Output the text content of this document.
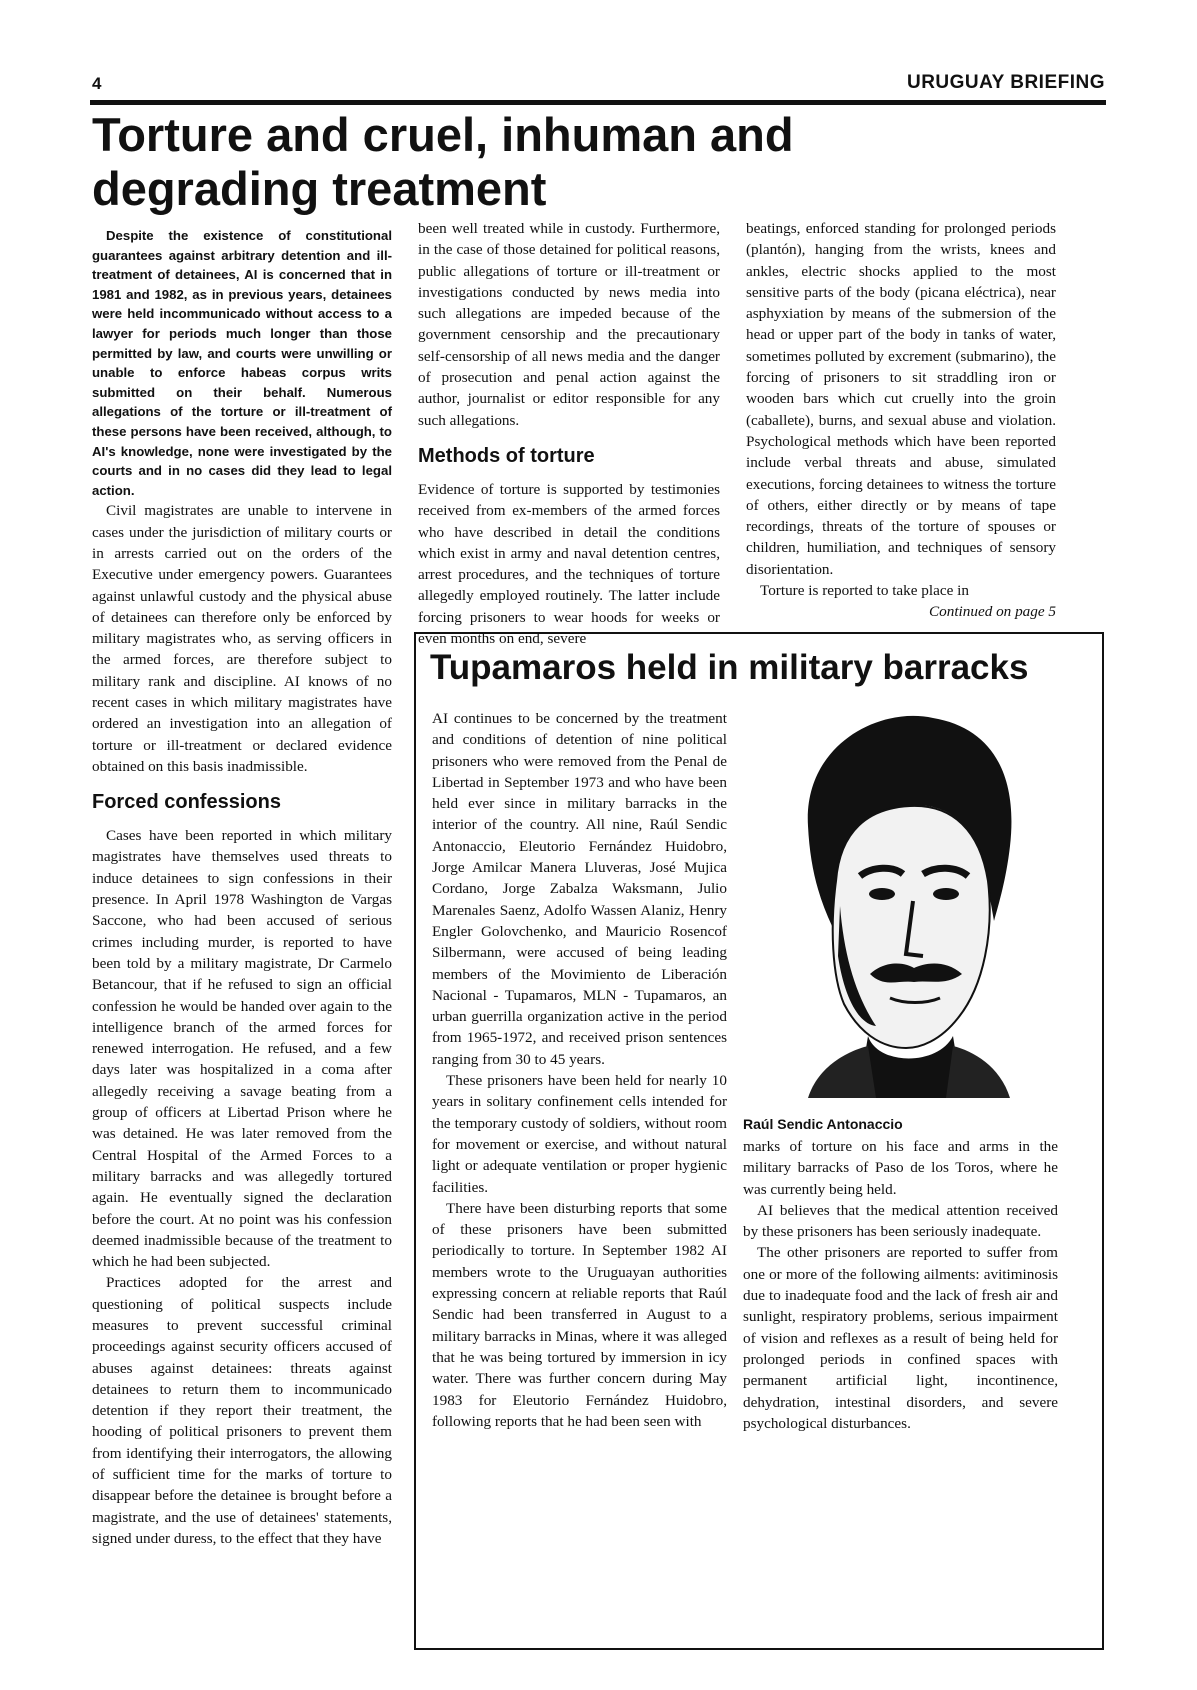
4	URUGUAY BRIEFING
Torture and cruel, inhuman and degrading treatment

Despite the existence of constitutional guarantees against arbitrary detention and ill-treatment of detainees, AI is concerned that in 1981 and 1982, as in previous years, detainees were held incommunicado without access to a lawyer for periods much longer than those permitted by law, and courts were unwilling or unable to enforce habeas corpus writs submitted on their behalf. Numerous allegations of the torture or ill-treatment of these persons have been received, although, to AI's knowledge, none were investigated by the courts and in no cases did they lead to legal action.

Civil magistrates are unable to intervene in cases under the jurisdiction of military courts or in arrests carried out on the orders of the Executive under emergency powers. Guarantees against unlawful custody and the physical abuse of detainees can therefore only be enforced by military magistrates who, as serving officers in the armed forces, are therefore subject to military rank and discipline. AI knows of no recent cases in which military magistrates have ordered an investigation into an allegation of torture or ill-treatment or declared evidence obtained on this basis inadmissible.

Forced confessions

Cases have been reported in which military magistrates have themselves used threats to induce detainees to sign confessions in their presence. In April 1978 Washington de Vargas Saccone, who had been accused of serious crimes including murder, is reported to have been told by a military magistrate, Dr Carmelo Betancour, that if he refused to sign an official confession he would be handed over again to the intelligence branch of the armed forces for renewed interrogation. He refused, and a few days later was hospitalized in a coma after allegedly receiving a savage beating from a group of officers at Libertad Prison where he was detained. He was later removed from the Central Hospital of the Armed Forces to a military barracks and was allegedly tortured again. He eventually signed the declaration before the court. At no point was his confession deemed inadmissible because of the treatment to which he had been subjected.

Practices adopted for the arrest and questioning of political suspects include measures to prevent successful criminal proceedings against security officers accused of abuses against detainees: threats against detainees to return them to incommunicado detention if they report their treatment, the hooding of political prisoners to prevent them from identifying their interrogators, the allowing of sufficient time for the marks of torture to disappear before the detainee is brought before a magistrate, and the use of detainees' statements, signed under duress, to the effect that they have

been well treated while in custody. Furthermore, in the case of those detained for political reasons, public allegations of torture or ill-treatment or investigations conducted by news media into such allegations are impeded because of the government censorship and the precautionary self-censorship of all news media and the danger of prosecution and penal action against the author, journalist or editor responsible for any such allegations.

Methods of torture

Evidence of torture is supported by testimonies received from ex-members of the armed forces who have described in detail the conditions which exist in army and naval detention centres, arrest procedures, and the techniques of torture allegedly employed routinely. The latter include forcing prisoners to wear hoods for weeks or even months on end, severe

beatings, enforced standing for prolonged periods (plantón), hanging from the wrists, knees and ankles, electric shocks applied to the most sensitive parts of the body (picana eléctrica), near asphyxiation by means of the submersion of the head or upper part of the body in tanks of water, sometimes polluted by excrement (submarino), the forcing of prisoners to sit straddling iron or wooden bars which cut cruelly into the groin (caballete), burns, and sexual abuse and violation. Psychological methods which have been reported include verbal threats and abuse, simulated executions, forcing detainees to witness the torture of others, either directly or by means of tape recordings, threats of the torture of spouses or children, humiliation, and techniques of sensory disorientation.

Torture is reported to take place in

Continued on page 5

Tupamaros held in military barracks

AI continues to be concerned by the treatment and conditions of detention of nine political prisoners who were removed from the Penal de Libertad in September 1973 and who have been held ever since in military barracks in the interior of the country. All nine, Raúl Sendic Antonaccio, Eleutorio Fernández Huidobro, Jorge Amilcar Manera Lluveras, José Mujica Cordano, Jorge Zabalza Waksmann, Julio Marenales Saenz, Adolfo Wassen Alaniz, Henry Engler Golovchenko, and Mauricio Rosencof Silbermann, were accused of being leading members of the Movimiento de Liberación Nacional - Tupamaros, MLN - Tupamaros, an urban guerrilla organization active in the period from 1965-1972, and received prison sentences ranging from 30 to 45 years.

These prisoners have been held for nearly 10 years in solitary confinement cells intended for the temporary custody of soldiers, without room for movement or exercise, and without natural light or adequate ventilation or proper hygienic facilities.

There have been disturbing reports that some of these prisoners have been submitted periodically to torture. In September 1982 AI members wrote to the Uruguayan authorities expressing concern at reliable reports that Raúl Sendic had been transferred in August to a military barracks in Minas, where it was alleged that he was being tortured by immersion in icy water. There was further concern during May 1983 for Eleutorio Fernández Huidobro, following reports that he had been seen with

Raúl Sendic Antonaccio

marks of torture on his face and arms in the military barracks of Paso de los Toros, where he was currently being held.

AI believes that the medical attention received by these prisoners has been seriously inadequate.

The other prisoners are reported to suffer from one or more of the following ailments: avitiminosis due to inadequate food and the lack of fresh air and sunlight, respiratory problems, serious impairment of vision and reflexes as a result of being held for prolonged periods in confined spaces with permanent artificial light, incontinence, dehydration, intestinal disorders, and severe psychological disturbances.
